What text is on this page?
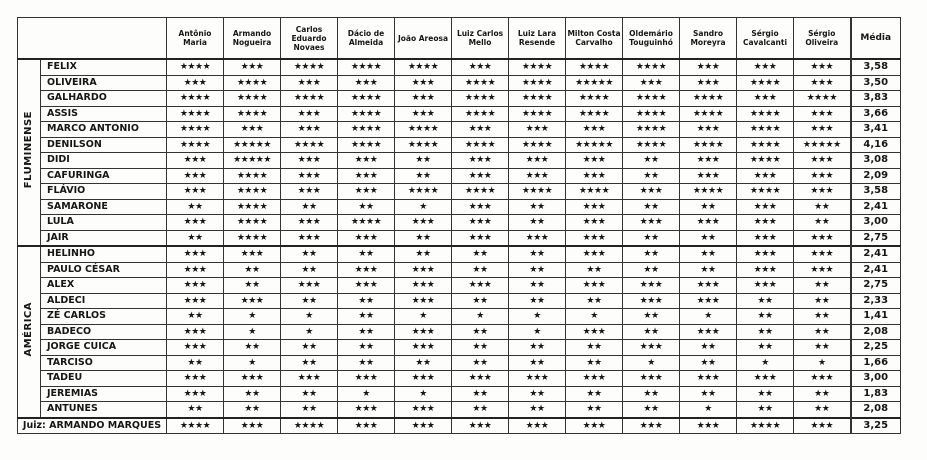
		Antônio Maria	Armando Nogueira	Carlos Eduardo Novaes	Dácio de Almeida	João Areosa	Luiz Carlos Mello	Luiz Lara Resende	Milton Costa Carvalho	Oldemário Touguinhó	Sandro Moreyra	Sérgio Cavalcanti	Sérgio Oliveira	Média
FLUMINENSE	FELIX	★★★★	★★★	★★★★	★★★★	★★★★	★★★	★★★★	★★★★	★★★★	★★★	★★★	★★★	3,58
	OLIVEIRA	★★★	★★★★	★★★	★★★	★★★	★★★★	★★★★	★★★★★	★★★	★★★	★★★★	★★★	3,50
	GALHARDO	★★★★	★★★★	★★★★	★★★★	★★★	★★★★	★★★★	★★★★	★★★★	★★★★	★★★	★★★★	3,83
	ASSIS	★★★★	★★★★	★★★	★★★★	★★★	★★★★	★★★★	★★★★	★★★★	★★★★	★★★★	★★★	3,66
	MARCO ANTONIO	★★★★	★★★	★★★	★★★★	★★★★	★★★	★★★	★★★	★★★★	★★★	★★★★	★★★	3,41
	DENILSON	★★★★	★★★★★	★★★★	★★★★	★★★★	★★★★	★★★★	★★★★★	★★★★	★★★★	★★★★	★★★★★	4,16
	DIDI	★★★	★★★★★	★★★	★★★	★★	★★★	★★★	★★★	★★	★★★	★★★★	★★★	3,08
	CAFURINGA	★★★	★★★★	★★★	★★★	★★	★★★	★★★	★★★	★★	★★★	★★★	★★★	2,09
	FLÁVIO	★★★	★★★★	★★★	★★★	★★★★	★★★★	★★★★	★★★★	★★★	★★★★	★★★★	★★★	3,58
	SAMARONE	★★	★★★★	★★	★★	★	★★★	★★	★★★	★★	★★	★★★	★★	2,41
	LULA	★★★	★★★★	★★★	★★★★	★★★	★★★	★★	★★★	★★★	★★★	★★★	★★	3,00
	JAIR	★★	★★★★	★★★	★★★	★★	★★★	★★★	★★★	★★	★★	★★★	★★★	2,75
AMÉRICA	HELINHO	★★★	★★★	★★	★★	★★	★★	★★	★★★	★★	★★	★★★	★★★	2,41
	PAULO CÉSAR	★★★	★★	★★	★★★	★★★	★★	★★	★★	★★	★★	★★★	★★★	2,41
	ALEX	★★★	★★	★★★	★★★	★★★	★★★	★★	★★★	★★★	★★★	★★★	★★	2,75
	ALDECI	★★★	★★★	★★	★★	★★★	★★	★★	★★	★★★	★★★	★★	★★	2,33
	ZÉ CARLOS	★★	★	★	★★	★	★	★	★	★★	★	★★	★★	1,41
	BADECO	★★★	★	★	★★	★★★	★★	★	★★★	★★	★★★	★★	★★	2,08
	JORGE CUICA	★★★	★★	★★	★★	★★★	★★	★★	★★	★★★	★★	★★	★★	2,25
	TARCISO	★★	★	★★	★★	★★	★★	★★	★★	★	★★	★	★	1,66
	TADEU	★★★	★★★	★★★	★★★	★★★	★★★	★★★	★★★	★★★	★★★	★★★	★★★	3,00
	JEREMIAS	★★★	★★	★★	★	★	★★	★★	★★	★★	★★	★★	★★	1,83
	ANTUNES	★★	★★	★★	★★★	★★★	★★	★★	★★	★★	★	★★	★★	2,08
Juiz: ARMANDO MARQUES		★★★★	★★★	★★★★	★★★	★★★	★★★	★★★	★★★	★★★	★★★	★★★★	★★★	3,25
